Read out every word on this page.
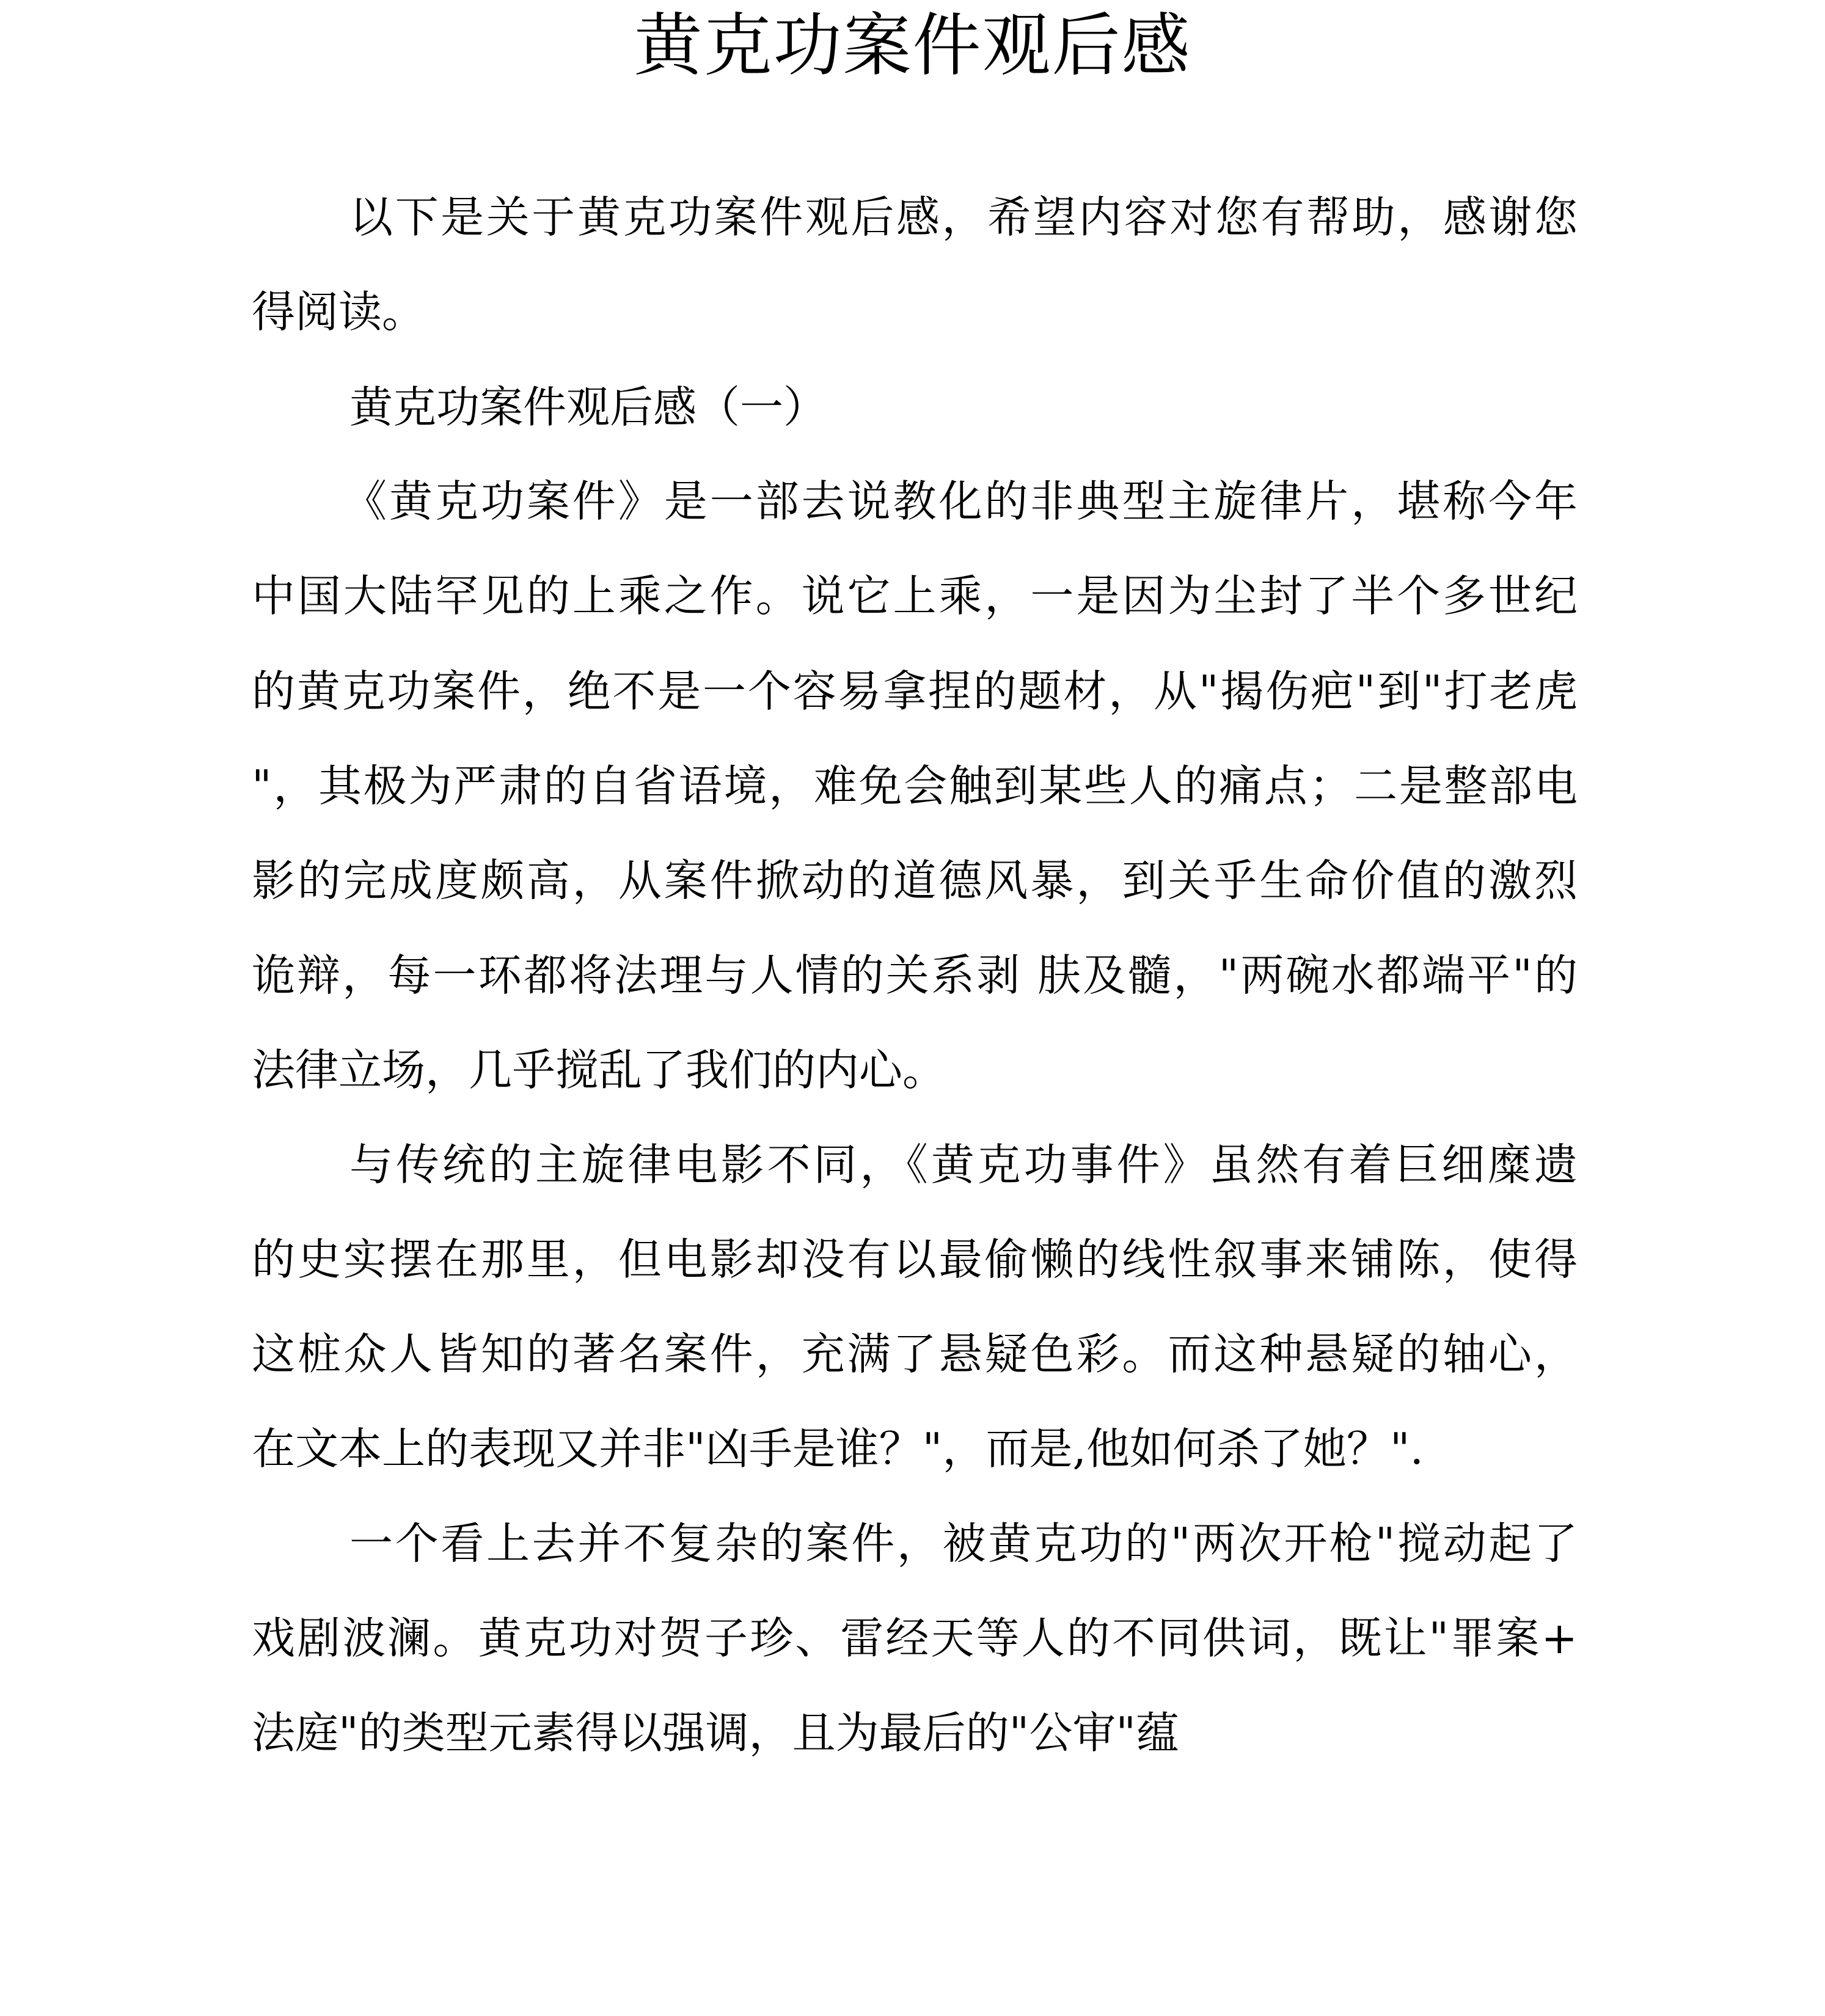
黄克功案件观后感

以下是关于黄克功案件观后感，希望内容对您有帮助，感谢您

得阅读。

黄克功案件观后感（一）

《黄克功案件》是一部去说教化的非典型主旋律片，堪称今年

中国大陆罕见的上乘之作。说它上乘，一是因为尘封了半个多世纪

的黄克功案件，绝不是一个容易拿捏的题材，从"揭伤疤"到"打老虎

"，其极为严肃的自省语境，难免会触到某些人的痛点；二是整部电

影的完成度颇高，从案件掀动的道德风暴，到关乎生命价值的激烈

诡辩，每一环都将法理与人情的关系剥 肤及髓，"两碗水都端平"的

法律立场，几乎搅乱了我们的内心。

与传统的主旋律电影不同，《黄克功事件》虽然有着巨细糜遗

的史实摆在那里，但电影却没有以最偷懒的线性叙事来铺陈，使得

这桩众人皆知的著名案件，充满了悬疑色彩。而这种悬疑的轴心，

在文本上的表现又并非"凶手是谁？"，而是,他如何杀了她？".

一个看上去并不复杂的案件，被黄克功的"两次开枪"搅动起了

戏剧波澜。黄克功对贺子珍、雷经天等人的不同供词，既让"罪案+

法庭"的类型元素得以强调，且为最后的"公审"蕴
